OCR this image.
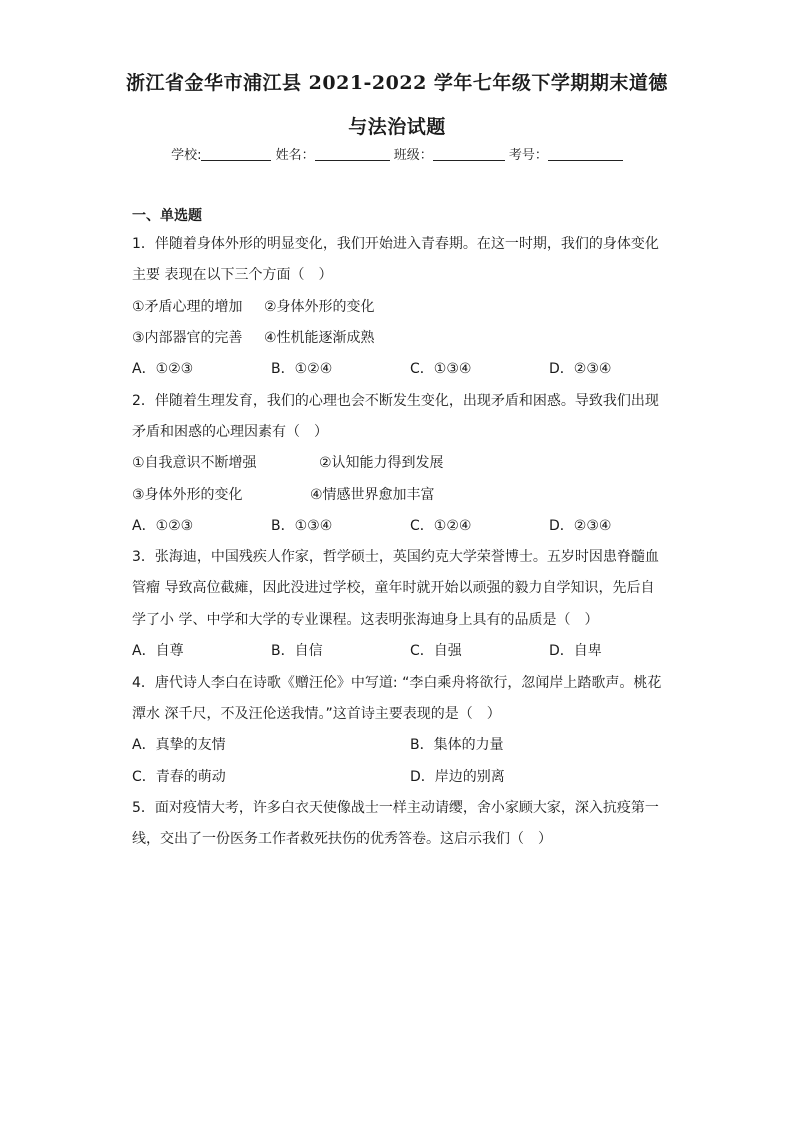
浙江省金华市浦江县 2021-2022 学年七年级下学期期末道德
与法治试题
学校:	姓名：	班级：	考号：
一、单选题
1．伴随着身体外形的明显变化，我们开始进入青春期。在这一时期，我们的身体变化
主要 表现在以下三个方面（　）
①矛盾心理的增加 ②身体外形的变化
③内部器官的完善 ④性机能逐渐成熟
A．①②③	B．①②④	C．①③④	D．②③④
2．伴随着生理发育，我们的心理也会不断发生变化，出现矛盾和困惑。导致我们出现
矛盾和困惑的心理因素有（　）
①自我意识不断增强	②认知能力得到发展
③身体外形的变化	④情感世界愈加丰富
A．①②③	B．①③④	C．①②④	D．②③④
3．张海迪，中国残疾人作家，哲学硕士，英国约克大学荣誉博士。五岁时因患脊髓血
管瘤 导致高位截瘫，因此没进过学校，童年时就开始以顽强的毅力自学知识，先后自
学了小 学、中学和大学的专业课程。这表明张海迪身上具有的品质是（　）
A．自尊	B．自信	C．自强	D．自卑
4．唐代诗人李白在诗歌《赠汪伦》中写道: “李白乘舟将欲行，忽闻岸上踏歌声。桃花
潭水 深千尺，不及汪伦送我情。”这首诗主要表现的是（　）
A．真挚的友情	B．集体的力量
C．青春的萌动	D．岸边的别离
5．面对疫情大考，许多白衣天使像战士一样主动请缨，舍小家顾大家，深入抗疫第一
线，交出了一份医务工作者救死扶伤的优秀答卷。这启示我们（　）
